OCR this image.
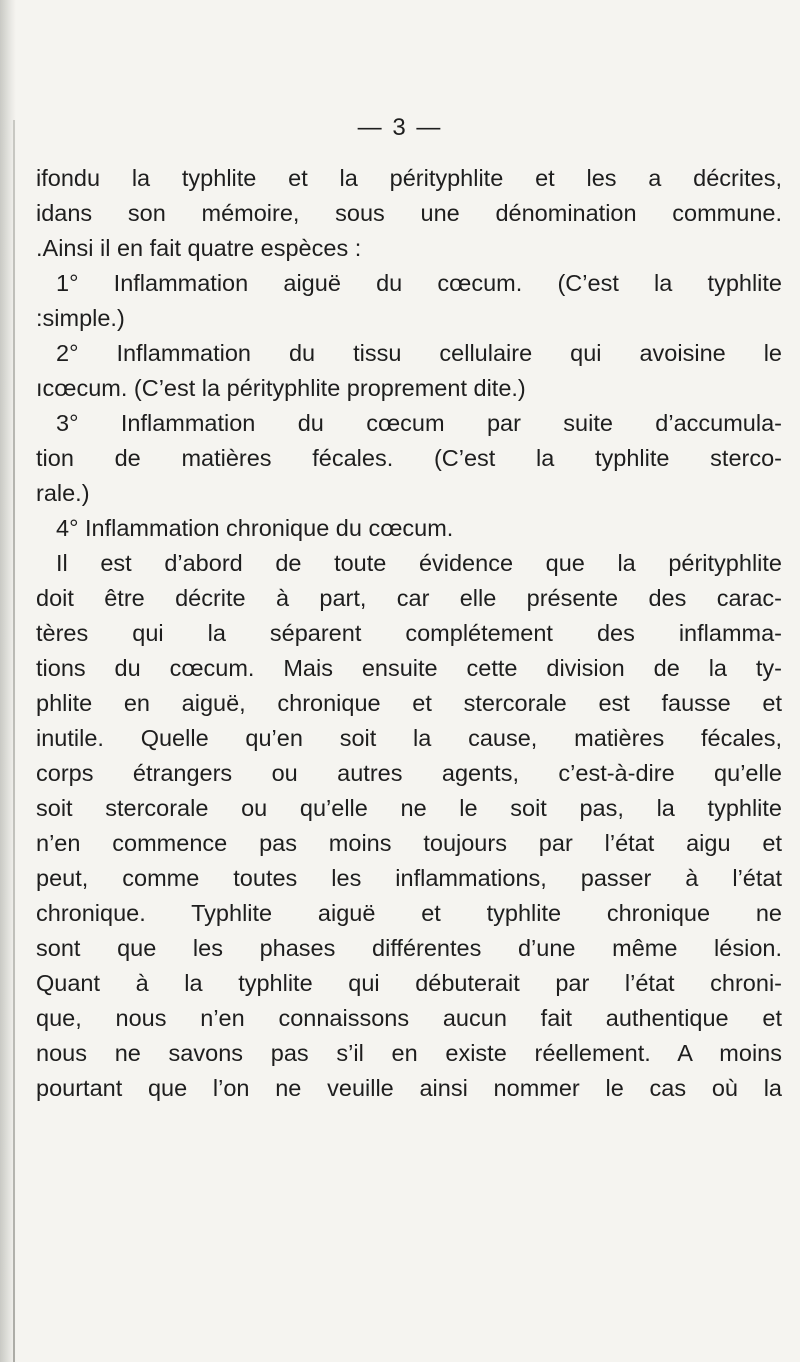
— 3 —
ifondu la typhlite et la pérityphlite et les a décrites,
idans son mémoire, sous une dénomination commune.
.Ainsi il en fait quatre espèces :
1° Inflammation aiguë du cœcum. (C’est la typhlite
:simple.)
2° Inflammation du tissu cellulaire qui avoisine le
ıcœcum. (C’est la pérityphlite proprement dite.)
3° Inflammation du cœcum par suite d’accumula-
tion de matières fécales. (C’est la typhlite sterco-
rale.)
4° Inflammation chronique du cœcum.
Il est d’abord de toute évidence que la pérityphlite
doit être décrite à part, car elle présente des carac-
tères qui la séparent complétement des inflamma-
tions du cœcum. Mais ensuite cette division de la ty-
phlite en aiguë, chronique et stercorale est fausse et
inutile. Quelle qu’en soit la cause, matières fécales,
corps étrangers ou autres agents, c’est-à-dire qu’elle
soit stercorale ou qu’elle ne le soit pas, la typhlite
n’en commence pas moins toujours par l’état aigu et
peut, comme toutes les inflammations, passer à l’état
chronique. Typhlite aiguë et typhlite chronique ne
sont que les phases différentes d’une même lésion.
Quant à la typhlite qui débuterait par l’état chroni-
que, nous n’en connaissons aucun fait authentique et
nous ne savons pas s’il en existe réellement. A moins
pourtant que l’on ne veuille ainsi nommer le cas où la
